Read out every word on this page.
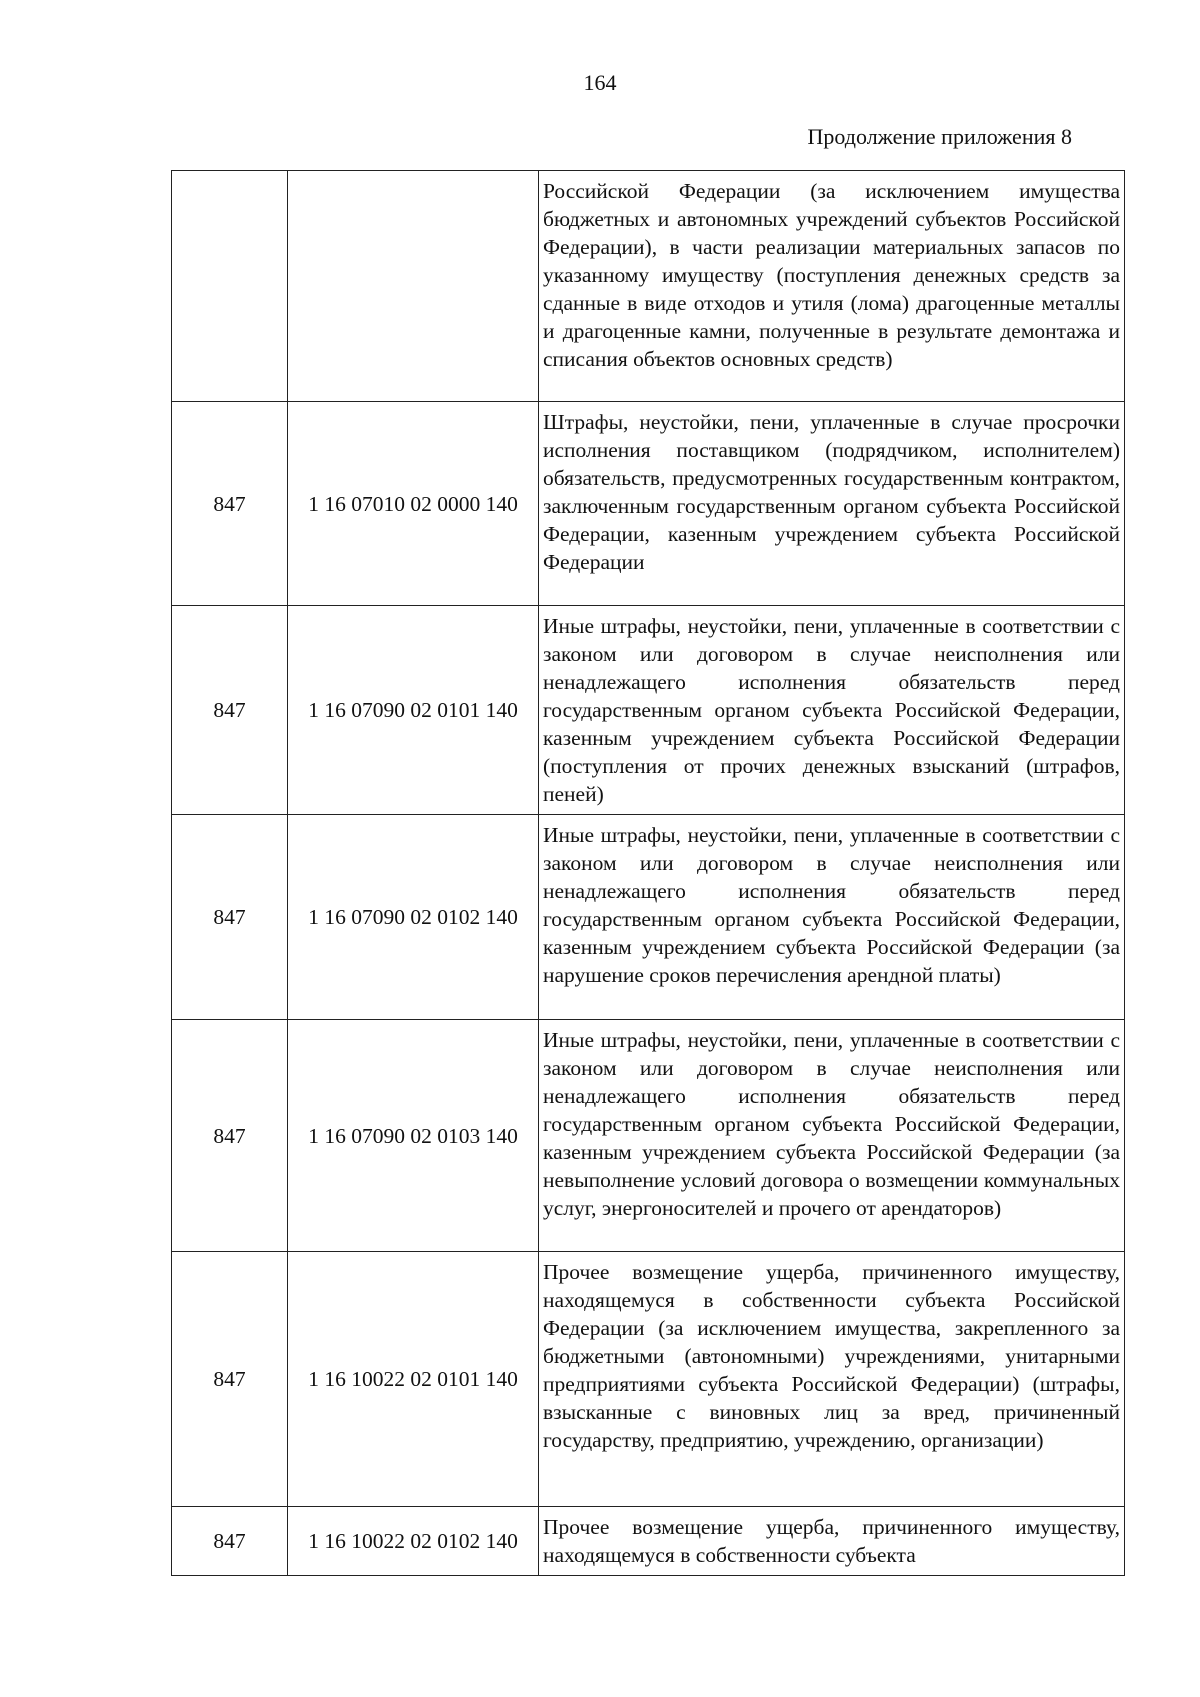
164
Продолжение приложения 8
		Российской Федерации (за исключением имущества бюджетных и автономных учреждений субъектов Российской Федерации), в части реализации материальных запасов по указанному имуществу (поступления денежных средств за сданные в виде отходов и утиля (лома) драгоценные металлы и драгоценные камни, полученные в результате демонтажа и списания объектов основных средств)
847	1 16 07010 02 0000 140	Штрафы, неустойки, пени, уплаченные в случае просрочки исполнения поставщиком (подрядчиком, исполнителем) обязательств, предусмотренных государственным контрактом, заключенным государственным органом субъекта Российской Федерации, казенным учреждением субъекта Российской Федерации
847	1 16 07090 02 0101 140	Иные штрафы, неустойки, пени, уплаченные в соответствии с законом или договором в случае неисполнения или ненадлежащего исполнения обязательств перед государственным органом субъекта Российской Федерации, казенным учреждением субъекта Российской Федерации (поступления от прочих денежных взысканий (штрафов, пеней)
847	1 16 07090 02 0102 140	Иные штрафы, неустойки, пени, уплаченные в соответствии с законом или договором в случае неисполнения или ненадлежащего исполнения обязательств перед государственным органом субъекта Российской Федерации, казенным учреждением субъекта Российской Федерации (за нарушение сроков перечисления арендной платы)
847	1 16 07090 02 0103 140	Иные штрафы, неустойки, пени, уплаченные в соответствии с законом или договором в случае неисполнения или ненадлежащего исполнения обязательств перед государственным органом субъекта Российской Федерации, казенным учреждением субъекта Российской Федерации (за невыполнение условий договора о возмещении коммунальных услуг, энергоносителей и прочего от арендаторов)
847	1 16 10022 02 0101 140	Прочее возмещение ущерба, причиненного имуществу, находящемуся в собственности субъекта Российской Федерации (за исключением имущества, закрепленного за бюджетными (автономными) учреждениями, унитарными предприятиями субъекта Российской Федерации) (штрафы, взысканные с виновных лиц за вред, причиненный государству, предприятию, учреждению, организации)
847	1 16 10022 02 0102 140	Прочее возмещение ущерба, причиненного имуществу, находящемуся в собственности субъекта
